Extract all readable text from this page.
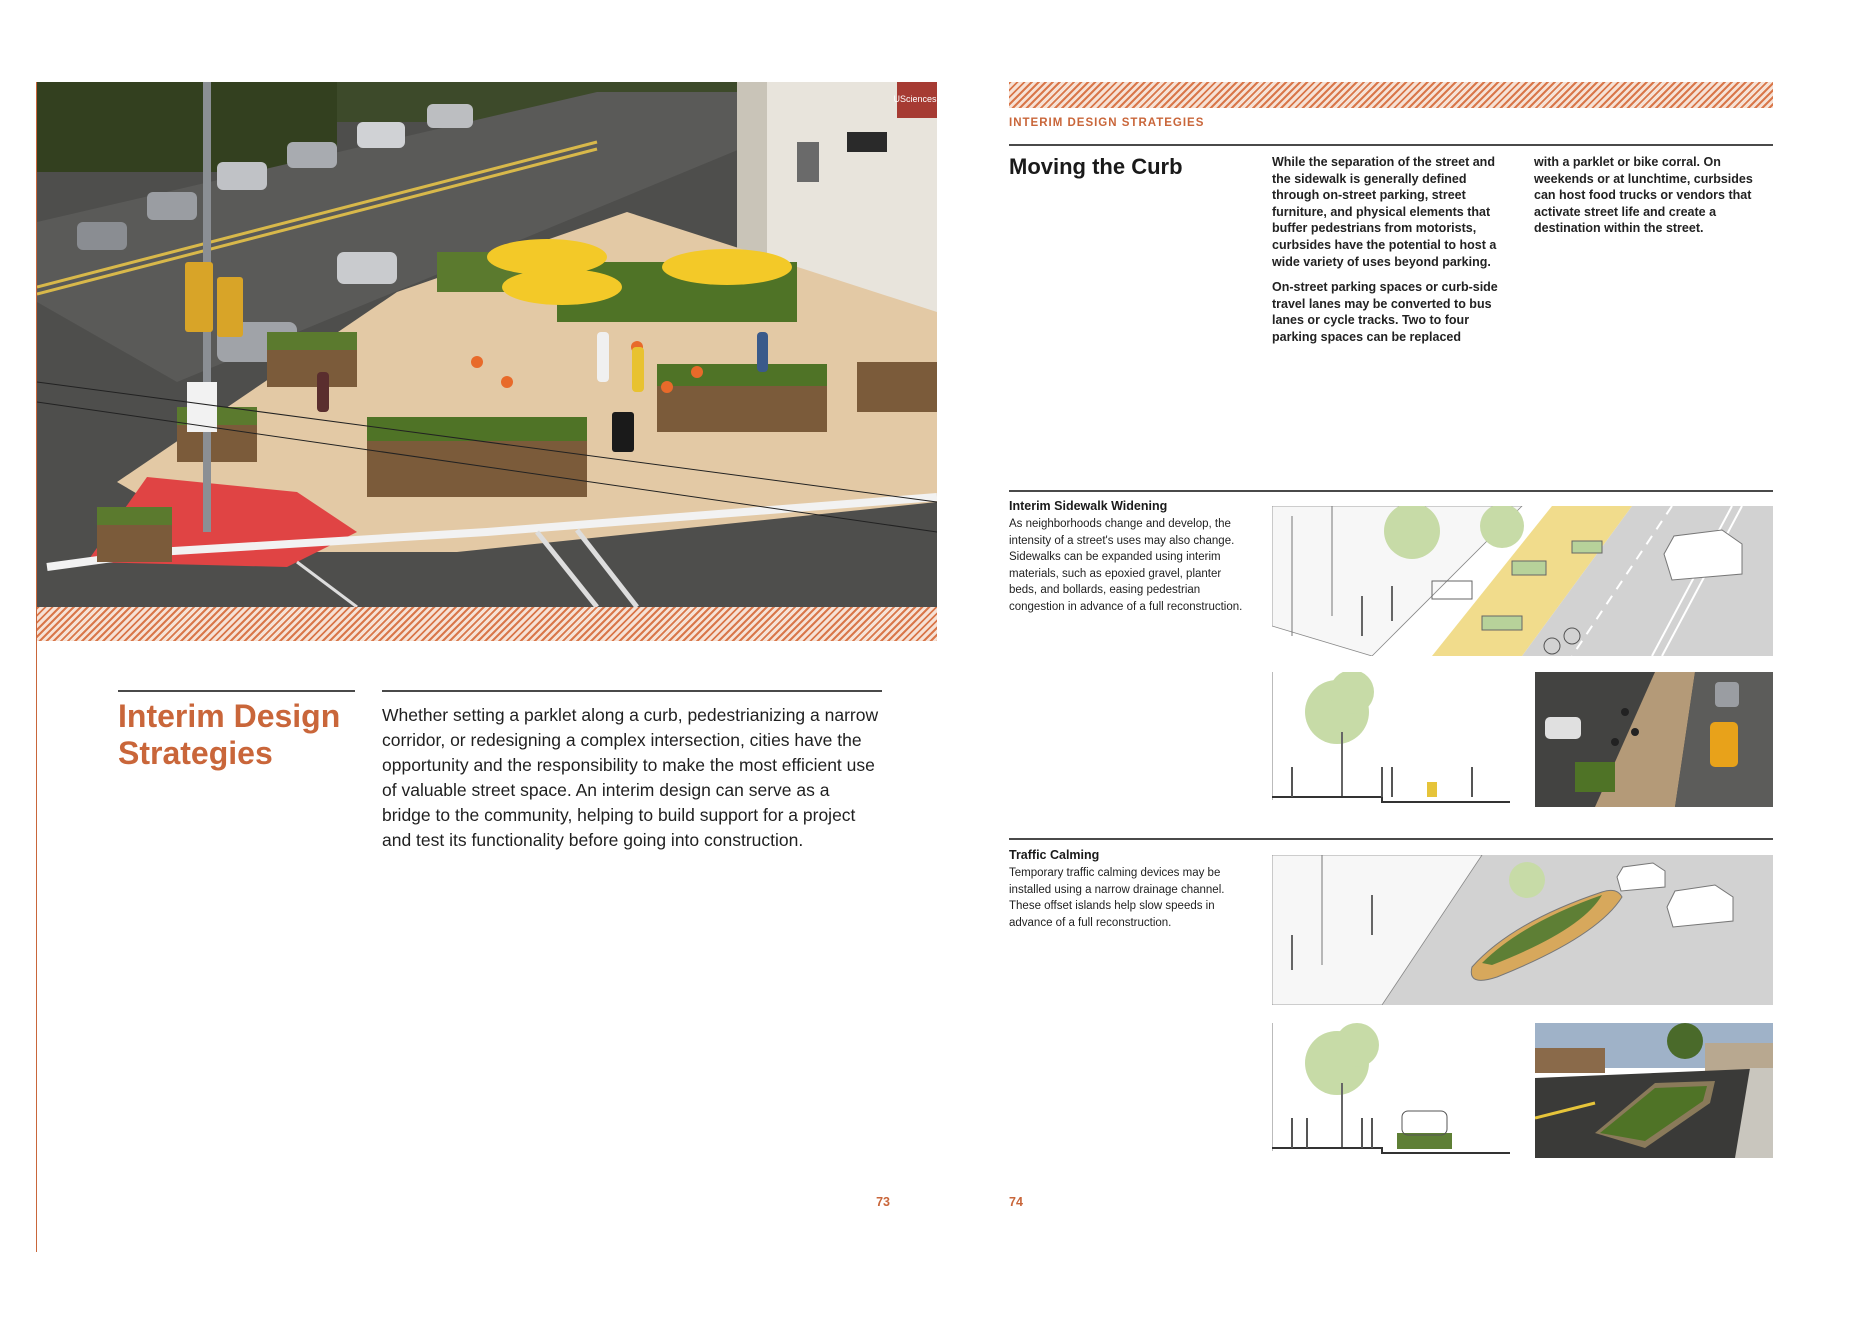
USciences
Interim Design Strategies

Whether setting a parklet along a curb, pedestrianizing a narrow corridor, or redesigning a complex intersection, cities have the opportunity and the responsibility to make the most efficient use of valuable street space. An interim design can serve as a bridge to the community, helping to build support for a project and test its functionality before going into construction.

73
INTERIM DESIGN STRATEGIES
Moving the Curb	While the separation of the street and the sidewalk is generally defined through on-street parking, street furniture, and physical elements that buffer pedestrians from motorists, curbsides have the potential to host a wide variety of uses beyond parking.

On-street parking spaces or curb-side travel lanes may be converted to bus lanes or cycle tracks. Two to four parking spaces can be replaced

with a parklet or bike corral. On weekends or at lunchtime, curbsides can host food trucks or vendors that activate street life and create a destination within the street.

Interim Sidewalk Widening

As neighborhoods change and develop, the intensity of a street's uses may also change. Sidewalks can be expanded using interim materials, such as epoxied gravel, planter beds, and bollards, easing pedestrian congestion in advance of a full reconstruction.

Traffic Calming

Temporary traffic calming devices may be installed using a narrow drainage channel. These offset islands help slow speeds in advance of a full reconstruction.

74
